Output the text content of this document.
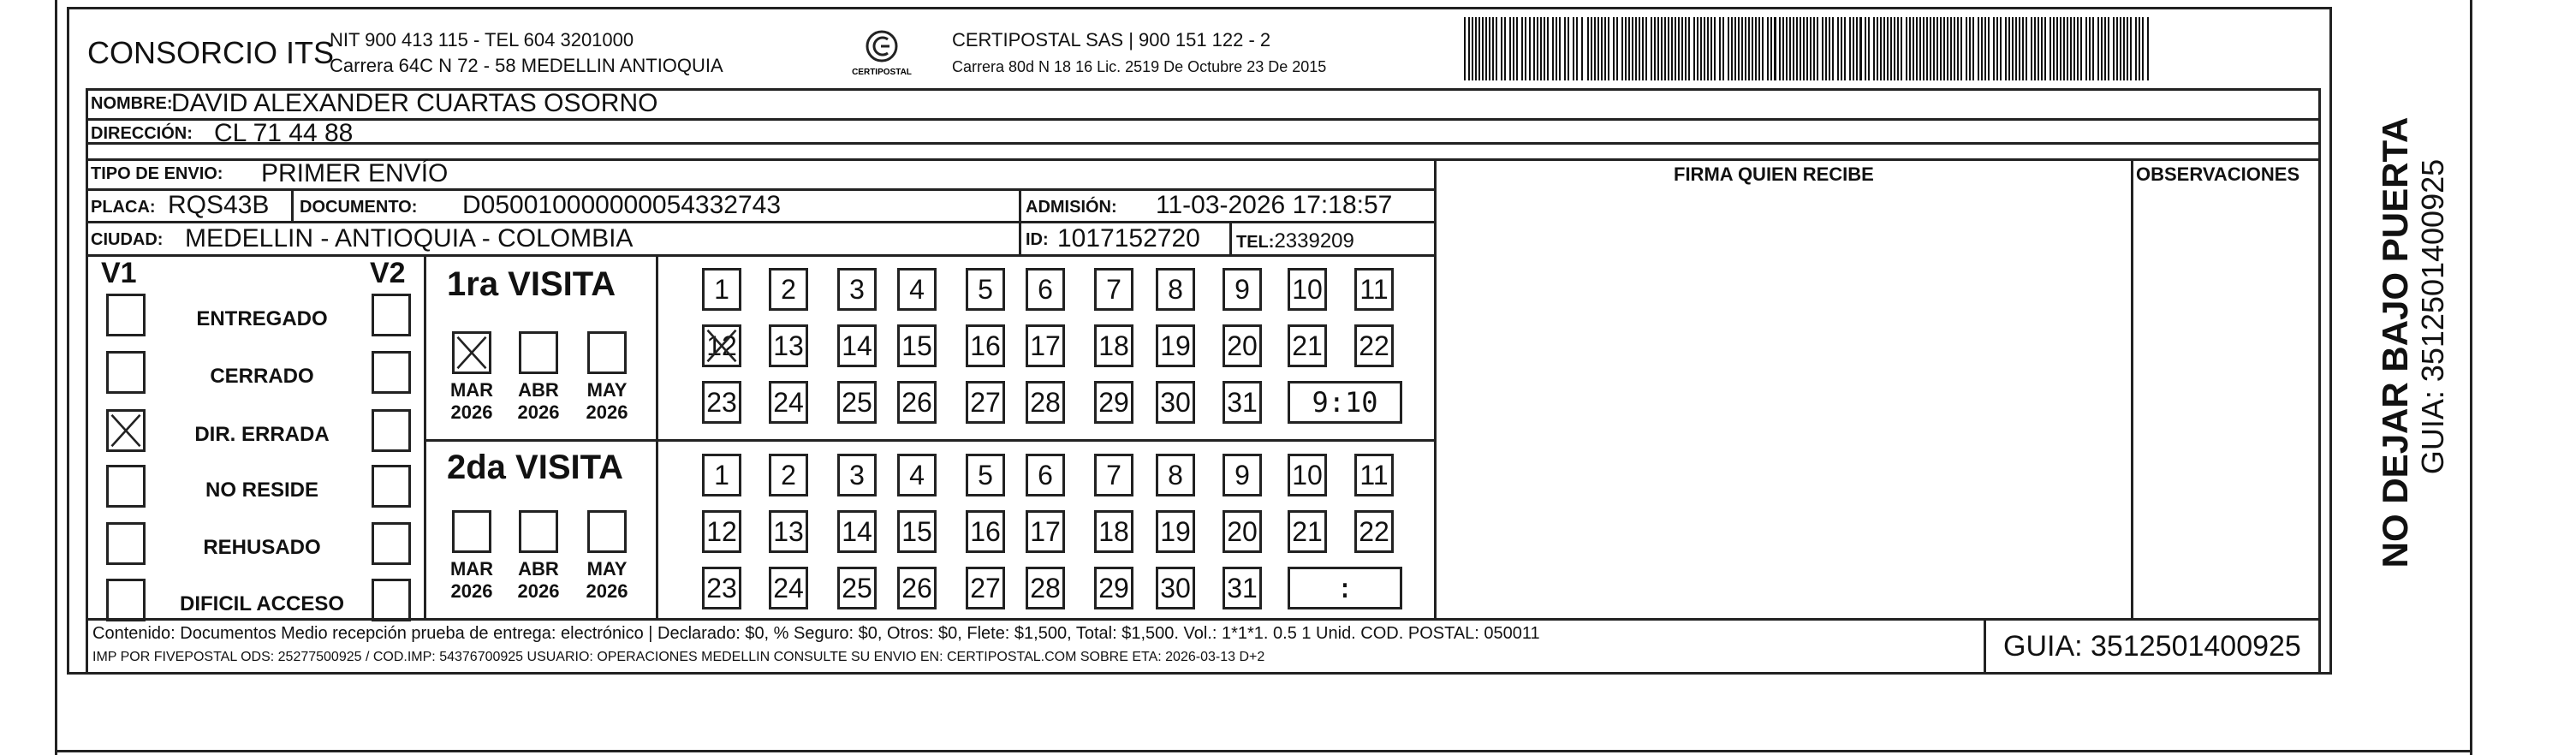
CONSORCIO ITS
NIT 900 413 115 - TEL 604 3201000
Carrera 64C N 72 - 58 MEDELLIN ANTIOQUIA	CERTIPOSTAL
CERTIPOSTAL SAS | 900 151 122 - 2
Carrera 80d N 18 16 Lic. 2519 De Octubre 23 De 2015
NOMBRE:
DAVID ALEXANDER CUARTAS OSORNO
DIRECCIÓN: CL 71 44 88
TIPO DE ENVIO: PRIMER ENVÍO	FIRMA QUIEN RECIBE	OBSERVACIONES
PLACA: RQS43B DOCUMENTO: D050010000000054332743	ADMISIÓN: 11-03-2026 17:18:57
CIUDAD: MEDELLIN - ANTIOQUIA - COLOMBIA	ID: 1017152720 TEL:2339209
V1	V2
ENTREGADO
CERRADO
DIR. ERRADA
NO RESIDE
REHUSADO
DIFICIL ACCESO
1ra VISITA
2da VISITA
MAR
2026
ABR
2026
MAY
2026
1	2	3	4	5	6	7	8	9	10 11
12 13 14 15 16 17 18 19 20 21 22
23 24 25 26 27 28 29 30 31	9:10
MAR
2026
ABR
2026
MAY
2026
1	2	3	4	5	6	7	8	9	10 11
12 13 14 15 16 17 18 19 20 21 22
23 24 25 26 27 28 29 30 31	:
Contenido: Documentos Medio recepción prueba de entrega: electrónico | Declarado: $0, % Seguro: $0, Otros: $0, Flete: $1,500, Total: $1,500. Vol.: 1*1*1. 0.5 1 Unid. COD. POSTAL: 050011
IMP POR FIVEPOSTAL ODS: 25277500925 / COD.IMP: 54376700925 USUARIO: OPERACIONES MEDELLIN CONSULTE SU ENVIO EN: CERTIPOSTAL.COM SOBRE ETA: 2026-03-13 D+2	GUIA: 3512501400925
NO DEJAR BAJO PUERTA GUIA: 3512501400925
